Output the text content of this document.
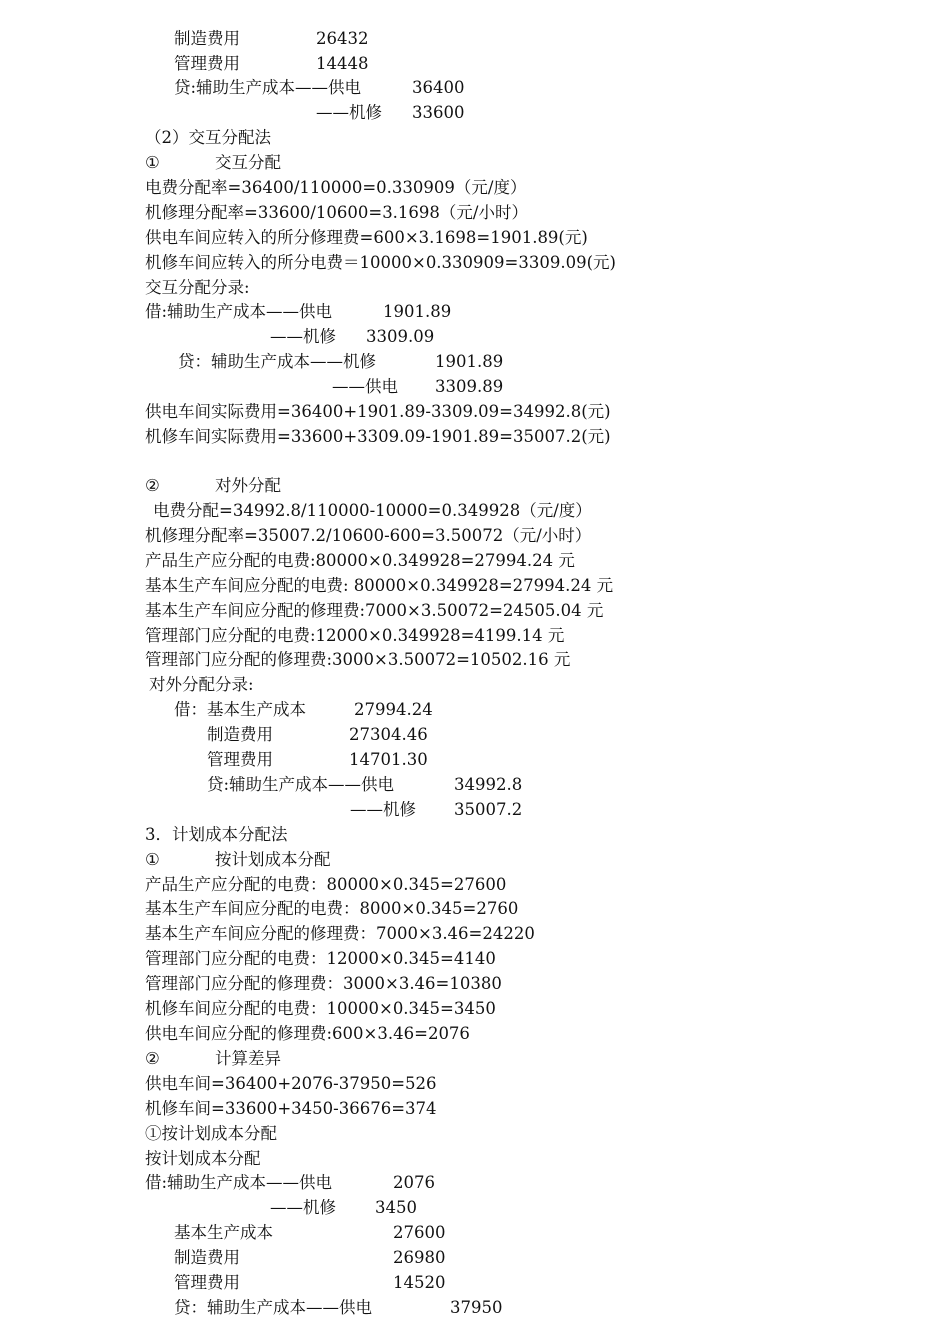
制造费用	26432
管理费用	14448
贷:辅助生产成本——供电	36400
——机修 33600
（2）交互分配法
①	交互分配
电费分配率=36400/110000=0.330909（元/度）
机修理分配率=33600/10600=3.1698（元/小时）
供电车间应转入的所分修理费=600×3.1698=1901.89(元)
机修车间应转入的所分电费＝10000×0.330909=3309.09(元)
交互分配分录:
借:辅助生产成本——供电	1901.89
——机修 3309.09
贷：辅助生产成本——机修	1901.89
——供电 3309.89
供电车间实际费用=36400+1901.89-3309.09=34992.8(元)
机修车间实际费用=33600+3309.09-1901.89=35007.2(元)
②	对外分配
电费分配=34992.8/110000-10000=0.349928（元/度）
机修理分配率=35007.2/10600-600=3.50072（元/小时）
产品生产应分配的电费:80000×0.349928=27994.24 元
基本生产车间应分配的电费: 80000×0.349928=27994.24 元
基本生产车间应分配的修理费:7000×3.50072=24505.04 元
管理部门应分配的电费:12000×0.349928=4199.14 元
管理部门应分配的修理费:3000×3.50072=10502.16 元
对外分配分录:
借：基本生产成本	27994.24
制造费用	27304.46
管理费用	14701.30
贷:辅助生产成本——供电	34992.8
——机修 35007.2
3．计划成本分配法
①	按计划成本分配
产品生产应分配的电费：80000×0.345=27600
基本生产车间应分配的电费：8000×0.345=2760
基本生产车间应分配的修理费：7000×3.46=24220
管理部门应分配的电费：12000×0.345=4140
管理部门应分配的修理费：3000×3.46=10380
机修车间应分配的电费：10000×0.345=3450
供电车间应分配的修理费:600×3.46=2076
②	计算差异
供电车间=36400+2076-37950=526
机修车间=33600+3450-36676=374
①按计划成本分配
按计划成本分配
借:辅助生产成本——供电	2076
——机修 3450
基本生产成本	27600
制造费用	26980
管理费用	14520
贷：辅助生产成本——供电	37950
